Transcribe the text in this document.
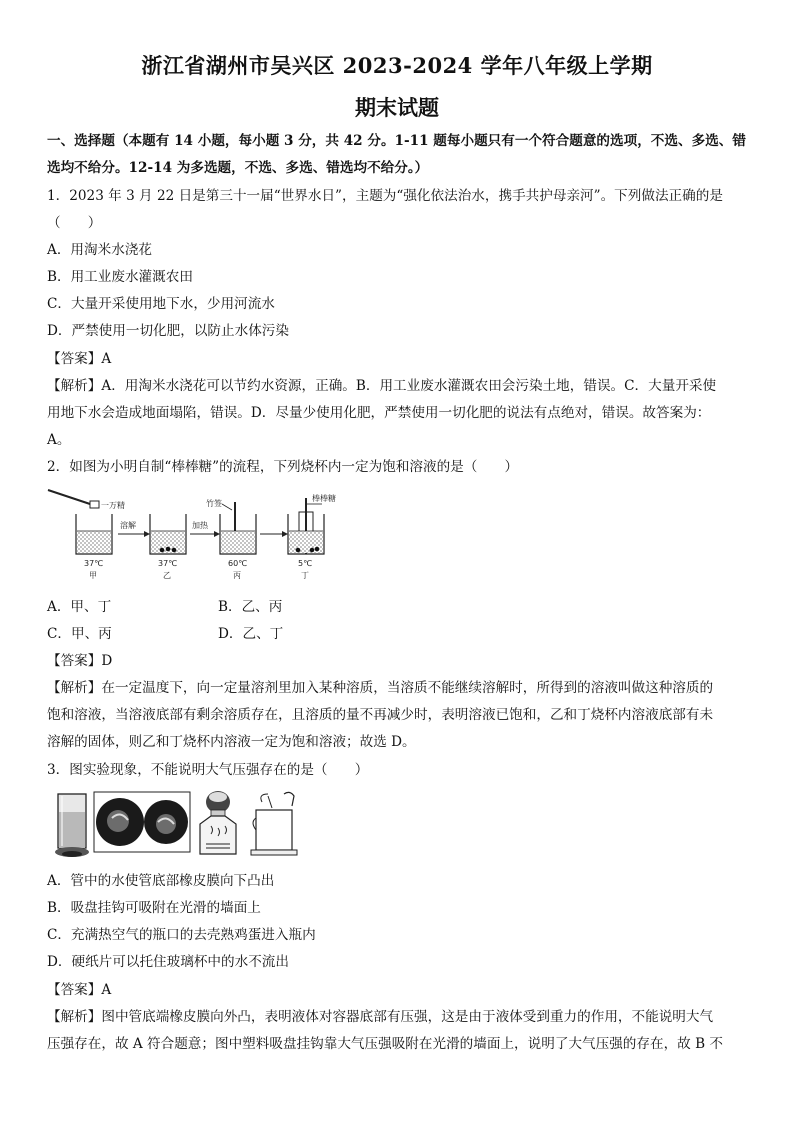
浙江省湖州市吴兴区 2023-2024 学年八年级上学期
期末试题
一、选择题（本题有 14 小题，每小题 3 分，共 42 分。1-11 题每小题只有一个符合题意的选项，不选、多选、错
选均不给分。12-14 为多选题，不选、多选、错选均不给分。）
1．2023 年 3 月 22 日是第三十一届“世界水日”，主题为“强化依法治水，携手共护母亲河”。下列做法正确的是
（　　）
A．用淘米水浇花
B．用工业废水灌溉农田
C．大量开采使用地下水，少用河流水
D．严禁使用一切化肥，以防止水体污染
【答案】A
【解析】A．用淘米水浇花可以节约水资源，正确。B．用工业废水灌溉农田会污染土地，错误。C．大量开采使
用地下水会造成地面塌陷，错误。D．尽量少使用化肥，严禁使用一切化肥的说法有点绝对，错误。故答案为：
A。
2．如图为小明自制“棒棒糖”的流程，下列烧杯内一定为饱和溶液的是（　　）
一万精
溶解	加热
竹签
棒棒糖
37℃
甲
37℃
乙
60℃
丙
5℃
丁
A．甲、丁	B．乙、丙
C．甲、丙	D．乙、丁
【答案】D
【解析】在一定温度下，向一定量溶剂里加入某种溶质，当溶质不能继续溶解时，所得到的溶液叫做这种溶质的
饱和溶液，当溶液底部有剩余溶质存在，且溶质的量不再减少时，表明溶液已饱和，乙和丁烧杯内溶液底部有未
溶解的固体，则乙和丁烧杯内溶液一定为饱和溶液；故选 D。
3．图实验现象，不能说明大气压强存在的是（　　）
A．管中的水使管底部橡皮膜向下凸出
B．吸盘挂钩可吸附在光滑的墙面上
C．充满热空气的瓶口的去壳熟鸡蛋进入瓶内
D．硬纸片可以托住玻璃杯中的水不流出
【答案】A
【解析】图中管底端橡皮膜向外凸，表明液体对容器底部有压强，这是由于液体受到重力的作用，不能说明大气
压强存在，故 A 符合题意；图中塑料吸盘挂钩靠大气压强吸附在光滑的墙面上，说明了大气压强的存在，故 B 不
